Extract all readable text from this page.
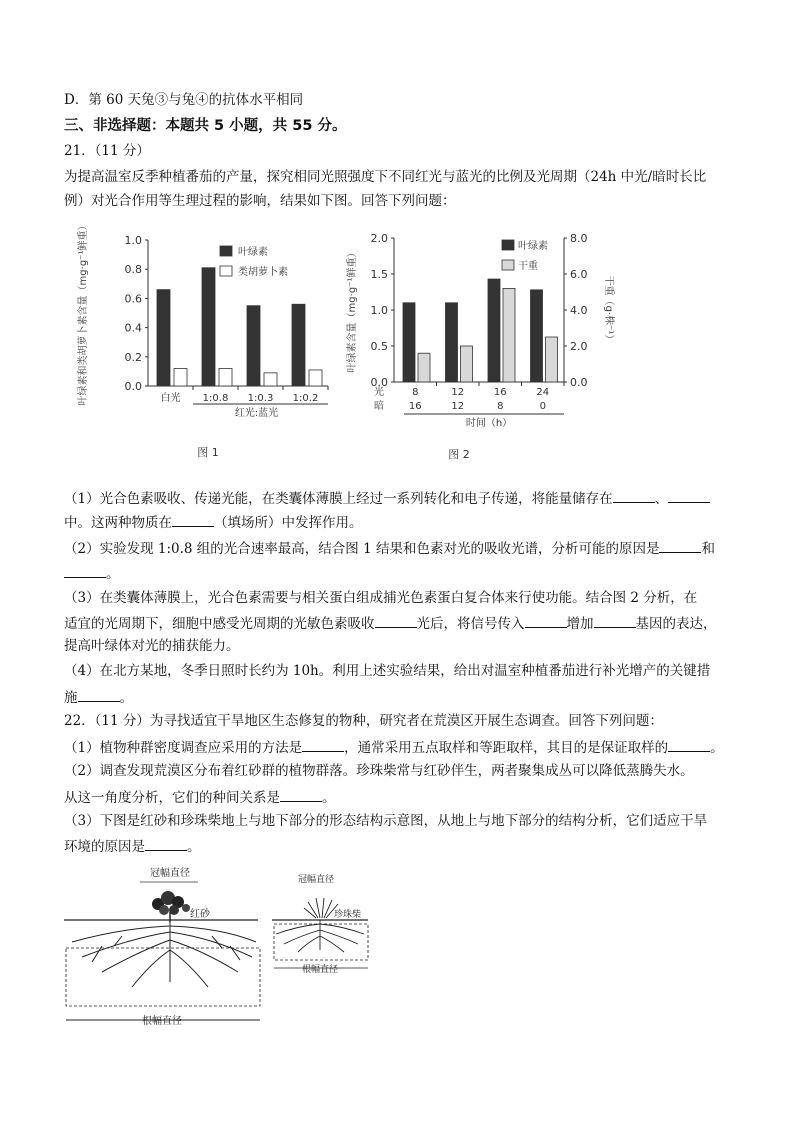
D．第 60 天兔③与兔④的抗体水平相同
三、非选择题：本题共 5 小题，共 55 分。
21．（11 分）
为提高温室反季种植番茄的产量，探究相同光照强度下不同红光与蓝光的比例及光周期（24h 中光/暗时长比
例）对光合作用等生理过程的影响，结果如下图。回答下列问题：
0.0
0.2
0.4
0.6
0.8
1.0
叶绿素和类胡萝卜素含量（mg·g⁻¹鲜重）	白光 1:0.8 1:0.3 1:0.2
红光:蓝光
叶绿素
类胡萝卜素
图 1
0.0
0.5
1.0
1.5
2.0
0.0
2.0
4.0
6.0
8.0
叶绿素含量（mg·g⁻¹鲜重）	干重（g·株⁻¹）
8
16
12
12
16
8
24
0
光
暗
时间（h）
叶绿素
干重
图 2
（1）光合色素吸收、传递光能，在类囊体薄膜上经过一系列转化和电子传递，将能量储存在	、
中。这两种物质在	（填场所）中发挥作用。
（2）实验发现 1:0.8 组的光合速率最高，结合图 1 结果和色素对光的吸收光谱，分析可能的原因是	和
。
（3）在类囊体薄膜上，光合色素需要与相关蛋白组成捕光色素蛋白复合体来行使功能。结合图 2 分析，在
适宜的光周期下，细胞中感受光周期的光敏色素吸收	光后，将信号传入	增加	基因的表达，
提高叶绿体对光的捕获能力。
（4）在北方某地，冬季日照时长约为 10h。利用上述实验结果，给出对温室种植番茄进行补光增产的关键措
施	。
22．（11 分）为寻找适宜干旱地区生态修复的物种，研究者在荒漠区开展生态调查。回答下列问题：
（1）植物种群密度调查应采用的方法是	，通常采用五点取样和等距取样，其目的是保证取样的	。
（2）调查发现荒漠区分布着红砂群的植物群落。珍珠柴常与红砂伴生，两者聚集成丛可以降低蒸腾失水。
从这一角度分析，它们的种间关系是	。
（3）下图是红砂和珍珠柴地上与地下部分的形态结构示意图，从地上与地下部分的结构分析，它们适应干旱
环境的原因是	。
冠幅直径
红砂
根幅直径
冠幅直径
珍珠柴
根幅直径
